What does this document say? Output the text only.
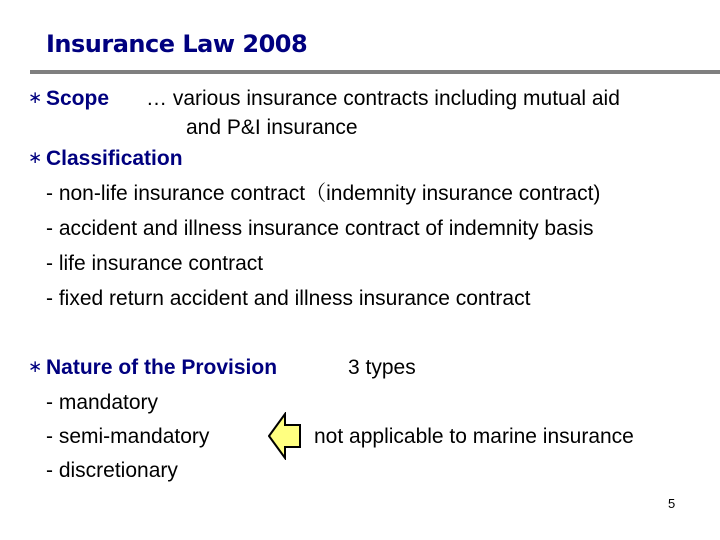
Insurance Law 2008
∗ Scope … various insurance contracts including mutual aid
and P&I insurance
∗ Classification
- non-life insurance contract（indemnity insurance contract)
- accident and illness insurance contract of indemnity basis
- life insurance contract
- fixed return accident and illness insurance contract
∗ Nature of the Provision	3 types
- mandatory
- semi-mandatory
- discretionary
not applicable to marine insurance
5
